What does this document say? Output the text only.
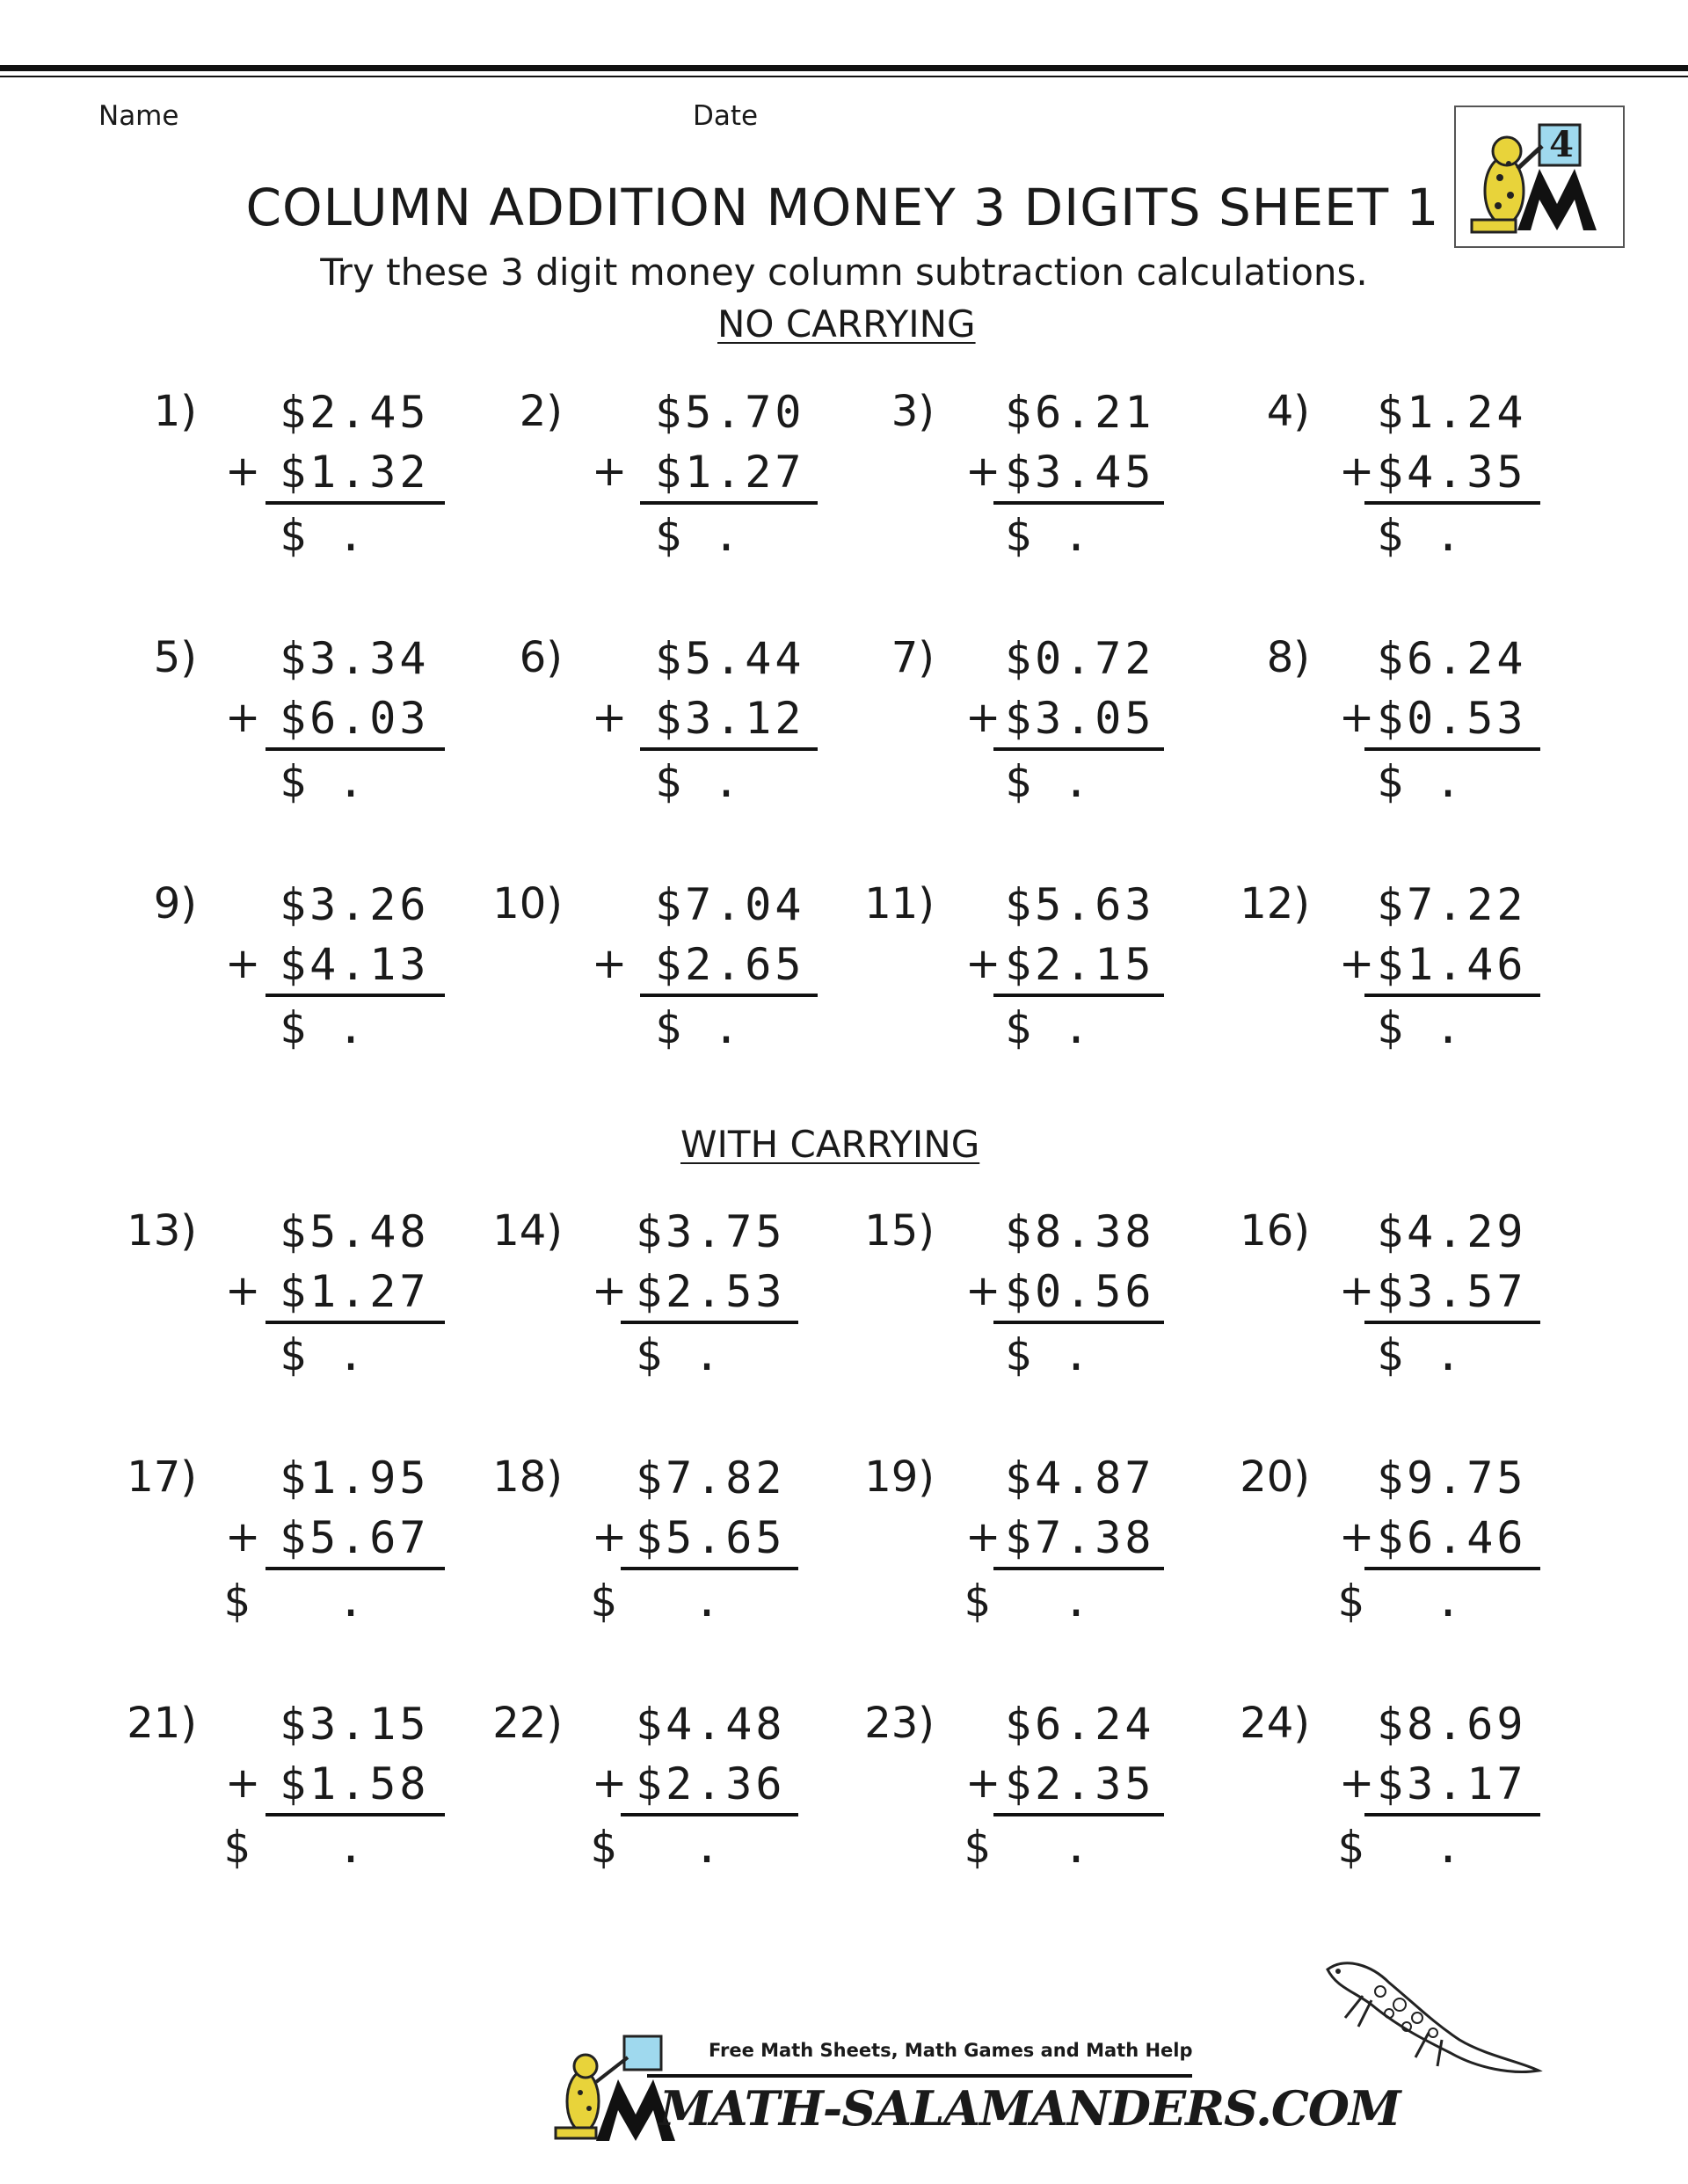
Name	Date
4
COLUMN ADDITION MONEY 3 DIGITS SHEET 1
Try these 3 digit money column subtraction calculations.
NO CARRYING
WITH CARRYING
1) $2.45
+ $1.32
$ .
2) $5.70
+ $1.27
$ .
3) $6.21
+ $3.45
$ .
4) $1.24
+ $4.35
$ .
5) $3.34
+ $6.03
$ .
6) $5.44
+ $3.12
$ .
7) $0.72
+ $3.05
$ .
8) $6.24
+ $0.53
$ .
9) $3.26
+ $4.13
$ .
10) $7.04
+ $2.65
$ .
11) $5.63
+ $2.15
$ .
12) $7.22
+ $1.46
$ .
13) $5.48
+ $1.27
$ .
14) $3.75
+ $2.53
$ .
15) $8.38
+ $0.56
$ .
16) $4.29
+ $3.57
$ .
17) $1.95
+ $5.67
$ .
18) $7.82
+ $5.65
$ .
19) $4.87
+ $7.38
$ .
20) $9.75
+ $6.46
$ .
21) $3.15
+ $1.58
$ .
22) $4.48
+ $2.36
$ .
23) $6.24
+ $2.35
$ .
24) $8.69
+ $3.17
$ .
Free Math Sheets, Math Games and Math Help
MATH-SALAMANDERS.COM
